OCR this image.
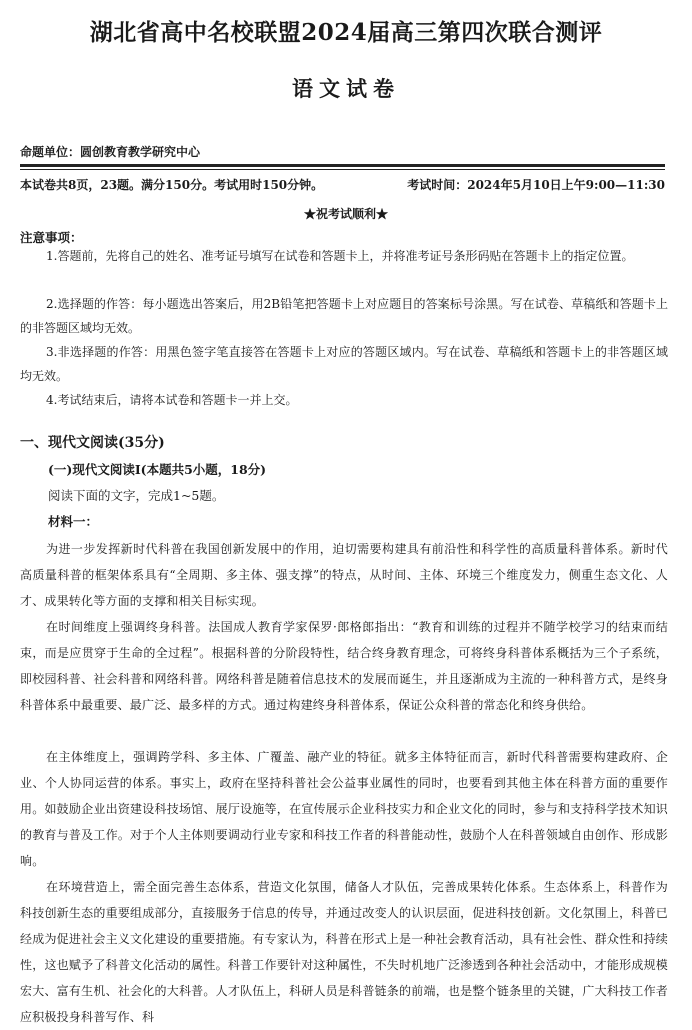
湖北省高中名校联盟2024届高三第四次联合测评
语文试卷
命题单位：圆创教育教学研究中心
本试卷共8页，23题。满分150分。考试用时150分钟。	考试时间：2024年5月10日上午9:00—11:30
★祝考试顺利★
注意事项：
1.答题前，先将自己的姓名、准考证号填写在试卷和答题卡上，并将准考证号条形码贴在答题卡上的指定位置。
2.选择题的作答：每小题选出答案后，用2B铅笔把答题卡上对应题目的答案标号涂黑。写在试卷、草稿纸和答题卡上的非答题区域均无效。
3.非选择题的作答：用黑色签字笔直接答在答题卡上对应的答题区域内。写在试卷、草稿纸和答题卡上的非答题区域均无效。
4.考试结束后，请将本试卷和答题卡一并上交。
一、现代文阅读(35分)
(一)现代文阅读Ⅰ(本题共5小题，18分)
阅读下面的文字，完成1~5题。
材料一：
为进一步发挥新时代科普在我国创新发展中的作用，迫切需要构建具有前沿性和科学性的高质量科普体系。新时代高质量科普的框架体系具有“全周期、多主体、强支撑”的特点，从时间、主体、环境三个维度发力，侧重生态文化、人才、成果转化等方面的支撑和相关目标实现。
在时间维度上强调终身科普。法国成人教育学家保罗·郎格郎指出：“教育和训练的过程并不随学校学习的结束而结束，而是应贯穿于生命的全过程”。根据科普的分阶段特性，结合终身教育理念，可将终身科普体系概括为三个子系统，即校园科普、社会科普和网络科普。网络科普是随着信息技术的发展而诞生，并且逐渐成为主流的一种科普方式，是终身科普体系中最重要、最广泛、最多样的方式。通过构建终身科普体系，保证公众科普的常态化和终身供给。
在主体维度上，强调跨学科、多主体、广覆盖、融产业的特征。就多主体特征而言，新时代科普需要构建政府、企业、个人协同运营的体系。事实上，政府在坚持科普社会公益事业属性的同时，也要看到其他主体在科普方面的重要作用。如鼓励企业出资建设科技场馆、展厅设施等，在宣传展示企业科技实力和企业文化的同时，参与和支持科学技术知识的教育与普及工作。对于个人主体则要调动行业专家和科技工作者的科普能动性，鼓励个人在科普领域自由创作、形成影响。
在环境营造上，需全面完善生态体系，营造文化氛围，储备人才队伍，完善成果转化体系。生态体系上，科普作为科技创新生态的重要组成部分，直接服务于信息的传导，并通过改变人的认识层面，促进科技创新。文化氛围上，科普已经成为促进社会主义文化建设的重要措施。有专家认为，科普在形式上是一种社会教育活动，具有社会性、群众性和持续性，这也赋予了科普文化活动的属性。科普工作要针对这种属性，不失时机地广泛渗透到各种社会活动中，才能形成规模宏大、富有生机、社会化的大科普。人才队伍上，科研人员是科普链条的前端，也是整个链条里的关键，广大科技工作者应积极投身科普写作、科
